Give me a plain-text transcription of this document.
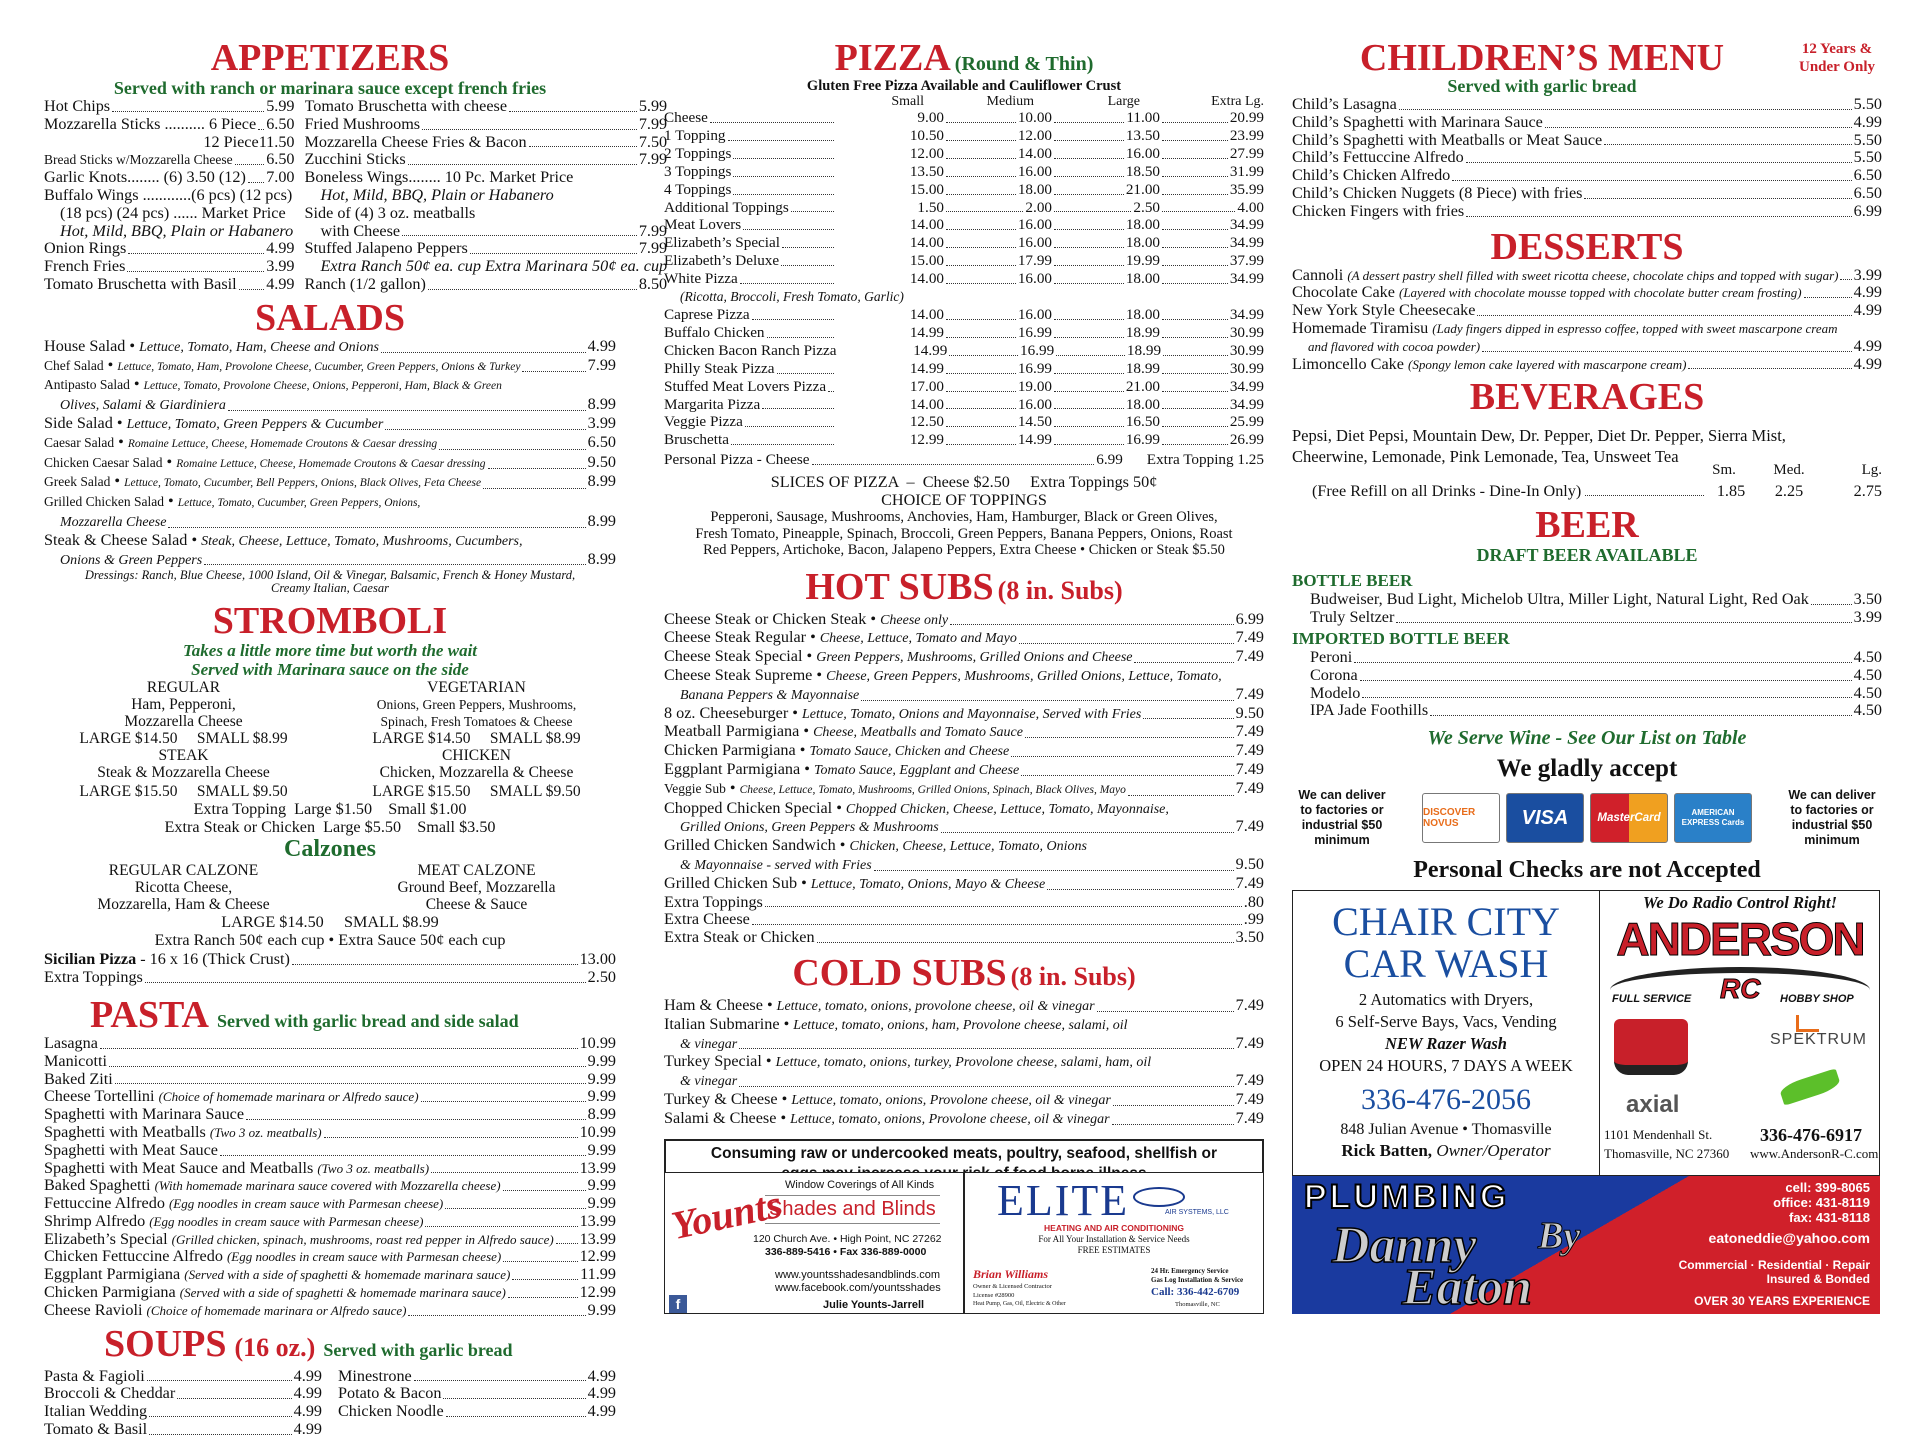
APPETIZERS
Served with ranch or marinara sauce except french fries
Hot Chips	5.99
Mozzarella Sticks .......... 6 Piece 6.50
12 Piece 11.50
Bread Sticks w/Mozzarella Cheese 6.50
Garlic Knots........ (6) 3.50 (12) 7.00
Buffalo Wings ............(6 pcs) (12 pcs)
(18 pcs) (24 pcs) ...... Market Price
Hot, Mild, BBQ, Plain or Habanero
Onion Rings	4.99
French Fries	3.99
Tomato Bruschetta with Basil 4.99
Tomato Bruschetta with cheese	5.99
Fried Mushrooms	7.99
Mozzarella Cheese Fries & Bacon	7.50
Zucchini Sticks	7.99
Boneless Wings........ 10 Pc. Market Price
Hot, Mild, BBQ, Plain or Habanero
Side of (4) 3 oz. meatballs
with Cheese	7.99
Stuffed Jalapeno Peppers	7.99
Extra Ranch 50¢ ea. cup Extra Marinara 50¢ ea. cup
Ranch (1/2 gallon)	8.50
SALADS
House Salad • Lettuce, Tomato, Ham, Cheese and Onions	4.99
Chef Salad • Lettuce, Tomato, Ham, Provolone Cheese, Cucumber, Green Peppers, Onions & Turkey	7.99
Antipasto Salad • Lettuce, Tomato, Provolone Cheese, Onions, Pepperoni, Ham, Black & Green
Olives, Salami & Giardiniera	8.99
Side Salad • Lettuce, Tomato, Green Peppers & Cucumber	3.99
Caesar Salad • Romaine Lettuce, Cheese, Homemade Croutons & Caesar dressing	6.50
Chicken Caesar Salad • Romaine Lettuce, Cheese, Homemade Croutons & Caesar dressing	9.50
Greek Salad • Lettuce, Tomato, Cucumber, Bell Peppers, Onions, Black Olives, Feta Cheese	8.99
Grilled Chicken Salad • Lettuce, Tomato, Cucumber, Green Peppers, Onions,
Mozzarella Cheese	8.99
Steak & Cheese Salad • Steak, Cheese, Lettuce, Tomato, Mushrooms, Cucumbers,
Onions & Green Peppers	8.99
Dressings: Ranch, Blue Cheese, 1000 Island, Oil & Vinegar, Balsamic, French & Honey Mustard,
Creamy Italian, Caesar
STROMBOLI
Takes a little more time but worth the wait
Served with Marinara sauce on the side
REGULAR
Ham, Pepperoni,
Mozzarella Cheese
LARGE $14.50     SMALL $8.99
STEAK
Steak & Mozzarella Cheese
LARGE $15.50     SMALL $9.50
VEGETARIAN
Onions, Green Peppers, Mushrooms,
Spinach, Fresh Tomatoes & Cheese
LARGE $14.50     SMALL $8.99
CHICKEN
Chicken, Mozzarella & Cheese
LARGE $15.50     SMALL $9.50
Extra Topping  Large $1.50    Small $1.00
Extra Steak or Chicken  Large $5.50    Small $3.50
Calzones
REGULAR CALZONE
Ricotta Cheese,
Mozzarella, Ham & Cheese
MEAT CALZONE
Ground Beef, Mozzarella
Cheese & Sauce
LARGE $14.50     SMALL $8.99
Extra Ranch 50¢ each cup • Extra Sauce 50¢ each cup
Sicilian Pizza - 16 x 16 (Thick Crust)	13.00
Extra Toppings	2.50
PASTA Served with garlic bread and side salad
Lasagna	10.99
Manicotti	9.99
Baked Ziti	9.99
Cheese Tortellini (Choice of homemade marinara or Alfredo sauce)	9.99
Spaghetti with Marinara Sauce	8.99
Spaghetti with Meatballs (Two 3 oz. meatballs)	10.99
Spaghetti with Meat Sauce	9.99
Spaghetti with Meat Sauce and Meatballs (Two 3 oz. meatballs)	13.99
Baked Spaghetti (With homemade marinara sauce covered with Mozzarella cheese)	9.99
Fettuccine Alfredo (Egg noodles in cream sauce with Parmesan cheese)	9.99
Shrimp Alfredo (Egg noodles in cream sauce with Parmesan cheese)	13.99
Elizabeth’s Special (Grilled chicken, spinach, mushrooms, roast red pepper in Alfredo sauce) 13.99
Chicken Fettuccine Alfredo (Egg noodles in cream sauce with Parmesan cheese)	12.99
Eggplant Parmigiana (Served with a side of spaghetti & homemade marinara sauce)	11.99
Chicken Parmigiana (Served with a side of spaghetti & homemade marinara sauce)	12.99
Cheese Ravioli (Choice of homemade marinara or Alfredo sauce)	9.99
SOUPS (16 oz.) Served with garlic bread
Pasta & Fagioli	4.99
Broccoli & Cheddar	4.99
Italian Wedding	4.99
Tomato & Basil	4.99
Minestrone	4.99
Potato & Bacon	4.99
Chicken Noodle	4.99
PIZZA (Round & Thin)
Gluten Free Pizza Available and Cauliflower Crust
Small	Medium	Large	Extra Lg.
Cheese	9.00	10.00	11.00	20.99
1 Topping	10.50	12.00	13.50	23.99
2 Toppings	12.00	14.00	16.00	27.99
3 Toppings	13.50	16.00	18.50	31.99
4 Toppings	15.00	18.00	21.00	35.99
Additional Toppings	1.50	2.00	2.50	4.00
Meat Lovers	14.00	16.00	18.00	34.99
Elizabeth’s Special	14.00	16.00	18.00	34.99
Elizabeth’s Deluxe	15.00	17.99	19.99	37.99
White Pizza	14.00	16.00	18.00	34.99
(Ricotta, Broccoli, Fresh Tomato, Garlic)
Caprese Pizza	14.00	16.00	18.00	34.99
Buffalo Chicken	14.99	16.99	18.99	30.99
Chicken Bacon Ranch Pizza	14.99	16.99	18.99	30.99
Philly Steak Pizza	14.99	16.99	18.99	30.99
Stuffed Meat Lovers Pizza	17.00	19.00	21.00	34.99
Margarita Pizza	14.00	16.00	18.00	34.99
Veggie Pizza	12.50	14.50	16.50	25.99
Bruschetta	12.99	14.99	16.99	26.99
Personal Pizza - Cheese	6.99 Extra Topping 1.25
SLICES OF PIZZA  –  Cheese $2.50     Extra Toppings 50¢
CHOICE OF TOPPINGS
Pepperoni, Sausage, Mushrooms, Anchovies, Ham, Hamburger, Black or Green Olives,
Fresh Tomato, Pineapple, Spinach, Broccoli, Green Peppers, Banana Peppers, Onions, Roast
Red Peppers, Artichoke, Bacon, Jalapeno Peppers, Extra Cheese • Chicken or Steak $5.50
HOT SUBS (8 in. Subs)
Cheese Steak or Chicken Steak • Cheese only	6.99
Cheese Steak Regular • Cheese, Lettuce, Tomato and Mayo	7.49
Cheese Steak Special • Green Peppers, Mushrooms, Grilled Onions and Cheese	7.49
Cheese Steak Supreme • Cheese, Green Peppers, Mushrooms, Grilled Onions, Lettuce, Tomato,
Banana Peppers & Mayonnaise	7.49
8 oz. Cheeseburger • Lettuce, Tomato, Onions and Mayonnaise, Served with Fries	9.50
Meatball Parmigiana • Cheese, Meatballs and Tomato Sauce	7.49
Chicken Parmigiana • Tomato Sauce, Chicken and Cheese	7.49
Eggplant Parmigiana • Tomato Sauce, Eggplant and Cheese	7.49
Veggie Sub • Cheese, Lettuce, Tomato, Mushrooms, Grilled Onions, Spinach, Black Olives, Mayo	7.49
Chopped Chicken Special • Chopped Chicken, Cheese, Lettuce, Tomato, Mayonnaise,
Grilled Onions, Green Peppers & Mushrooms	7.49
Grilled Chicken Sandwich • Chicken, Cheese, Lettuce, Tomato, Onions
& Mayonnaise - served with Fries	9.50
Grilled Chicken Sub • Lettuce, Tomato, Onions, Mayo & Cheese	7.49
Extra Toppings	.80
Extra Cheese	.99
Extra Steak or Chicken	3.50
COLD SUBS (8 in. Subs)
Ham & Cheese • Lettuce, tomato, onions, provolone cheese, oil & vinegar	7.49
Italian Submarine • Lettuce, tomato, onions, ham, Provolone cheese, salami, oil
& vinegar	7.49
Turkey Special • Lettuce, tomato, onions, turkey, Provolone cheese, salami, ham, oil
& vinegar	7.49
Turkey & Cheese • Lettuce, tomato, onions, Provolone cheese, oil & vinegar	7.49
Salami & Cheese • Lettuce, tomato, onions, Provolone cheese, oil & vinegar	7.49
Consuming raw or undercooked meats, poultry, seafood, shellfish or
Younts Window Coverings of All Kinds
Shades and Blinds
120 Church Ave. • High Point, NC 27262
336-889-5416 • Fax 336-889-0000
www.yountsshadesandblinds.com
www.facebook.com/yountsshades
Julie Younts-Jarrell
f
ELITE	AIR SYSTEMS, LLC
HEATING AND AIR CONDITIONING
For All Your Installation & Service Needs
FREE ESTIMATES
Brian Williams
Owner & Licensed Contractor
License #28900
Heat Pump, Gas, Oil, Electric & Other
24 Hr. Emergency Service
Gas Log Installation & Service
Call: 336-442-6709
Thomasville, NC
CHILDREN’S MENU
Served with garlic bread
12 Years &
Under Only
Child’s Lasagna	5.50
Child’s Spaghetti with Marinara Sauce	4.99
Child’s Spaghetti with Meatballs or Meat Sauce	5.50
Child’s Fettuccine Alfredo	5.50
Child’s Chicken Alfredo	6.50
Child’s Chicken Nuggets (8 Piece) with fries	6.50
Chicken Fingers with fries	6.99
DESSERTS
Cannoli (A dessert pastry shell filled with sweet ricotta cheese, chocolate chips and topped with sugar) 3.99
Chocolate Cake (Layered with chocolate mousse topped with chocolate butter cream frosting)	4.99
New York Style Cheesecake	4.99
Homemade Tiramisu (Lady fingers dipped in espresso coffee, topped with sweet mascarpone cream
and flavored with cocoa powder)	4.99
Limoncello Cake (Spongy lemon cake layered with mascarpone cream)	4.99
BEVERAGES
Pepsi, Diet Pepsi, Mountain Dew, Dr. Pepper, Diet Dr. Pepper, Sierra Mist,
Cheerwine, Lemonade, Pink Lemonade, Tea, Unsweet Tea
Sm.	Med.	Lg.
(Free Refill on all Drinks - Dine-In Only)	1.85	2.25	2.75
BEER
DRAFT BEER AVAILABLE
BOTTLE BEER
Budweiser, Bud Light, Michelob Ultra, Miller Light, Natural Light, Red Oak	3.50
Truly Seltzer	3.99
IMPORTED BOTTLE BEER
Peroni	4.50
Corona	4.50
Modelo	4.50
IPA Jade Foothills	4.50
We Serve Wine - See Our List on Table
We gladly accept
We can deliver to factories or industrial $50 minimum
DISCOVER NOVUS	VISA	MasterCard	AMERICAN EXPRESS Cards
We can deliver to factories or industrial $50 minimum
Personal Checks are not Accepted
CHAIR CITY
CAR WASH
2 Automatics with Dryers,
6 Self-Serve Bays, Vacs, Vending
NEW Razer Wash
OPEN 24 HOURS, 7 DAYS A WEEK
336-476-2056
848 Julian Avenue • Thomasville
Rick Batten, Owner/Operator
We Do Radio Control Right!
ANDERSON
RC
FULL SERVICE	HOBBY SHOP
SPEKTRUM
axial
1101 Mendenhall St.
Thomasville, NC 27360
336-476-6917
www.AndersonR-C.com
PLUMBING
By
Danny
Eaton
cell: 399-8065
office: 431-8119
fax: 431-8118
eatoneddie@yahoo.com
Commercial · Residential · Repair
Insured & Bonded
OVER 30 YEARS EXPERIENCE
